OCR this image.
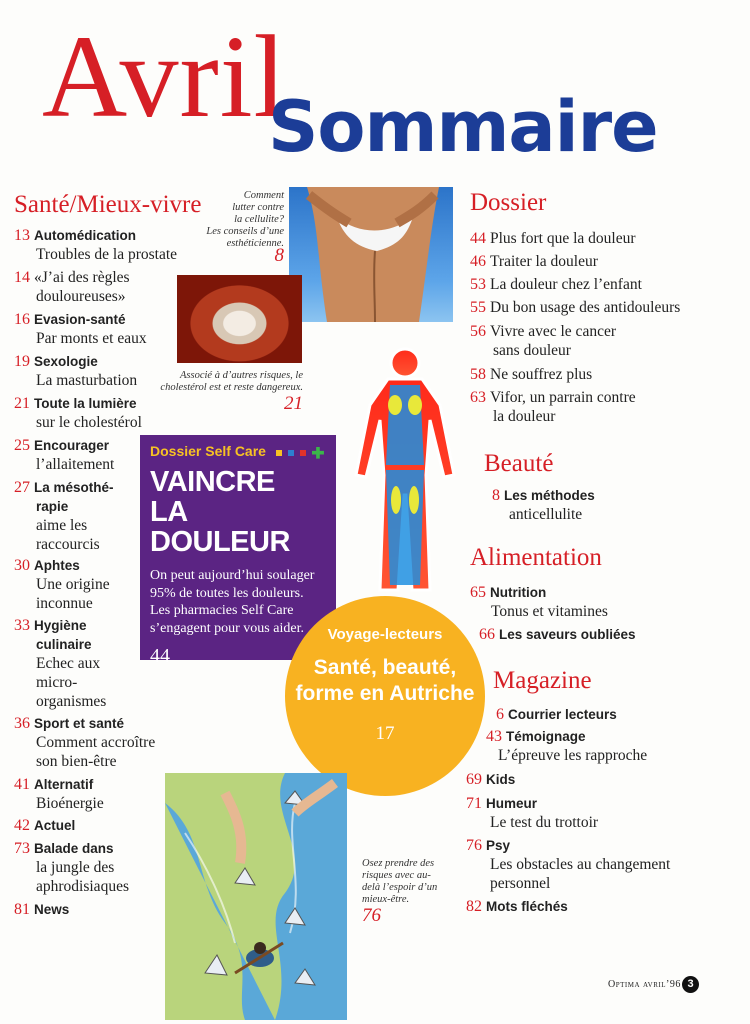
Avril
Sommaire
Santé/Mieux-vivre
13 Automédication
Troubles de la prostate
14 «J’ai des règles
douloureuses»
16 Evasion-santé
Par monts et eaux
19 Sexologie
La masturbation
21 Toute la lumière
sur le cholestérol
25 Encourager
l’allaitement
27 La mésothé-
rapie
aime les
raccourcis
30 Aphtes
Une origine
inconnue
33 Hygiène
culinaire
Echec aux
micro-
organismes
36 Sport et santé
Comment accroître
son bien-être
41 Alternatif
Bioénergie
42 Actuel
73 Balade dans
la jungle des
aphrodisiaques
81 News
Comment
lutter contre
la cellulite?
Les conseils d’une
esthéticienne.
8
Associé à d’autres risques, le
cholestérol est et reste dangereux.
21
Dossier Self Care
VAINCRE
LA DOULEUR
On peut aujourd’hui soulager 95% de toutes les douleurs. Les pharmacies Self Care s’engagent pour vous aider.
44
Voyage-lecteurs
Santé, beauté,
forme en Autriche
17
Dossier
44 Plus fort que la douleur
46 Traiter la douleur
53 La douleur chez l’enfant
55 Du bon usage des antidouleurs
56 Vivre avec le cancer
sans douleur
58 Ne souffrez plus
63 Vifor, un parrain contre
la douleur
Beauté
8 Les méthodes
anticellulite
Alimentation
65 Nutrition
Tonus et vitamines
66 Les saveurs oubliées
Magazine
6 Courrier lecteurs
43 Témoignage
L’épreuve les rapproche
69 Kids
71 Humeur
Le test du trottoir
76 Psy
Les obstacles au changement
personnel
82 Mots fléchés
Osez prendre des
risques avec au-
delà l’espoir d’un
mieux-être.
76
Optima avril’96 3
